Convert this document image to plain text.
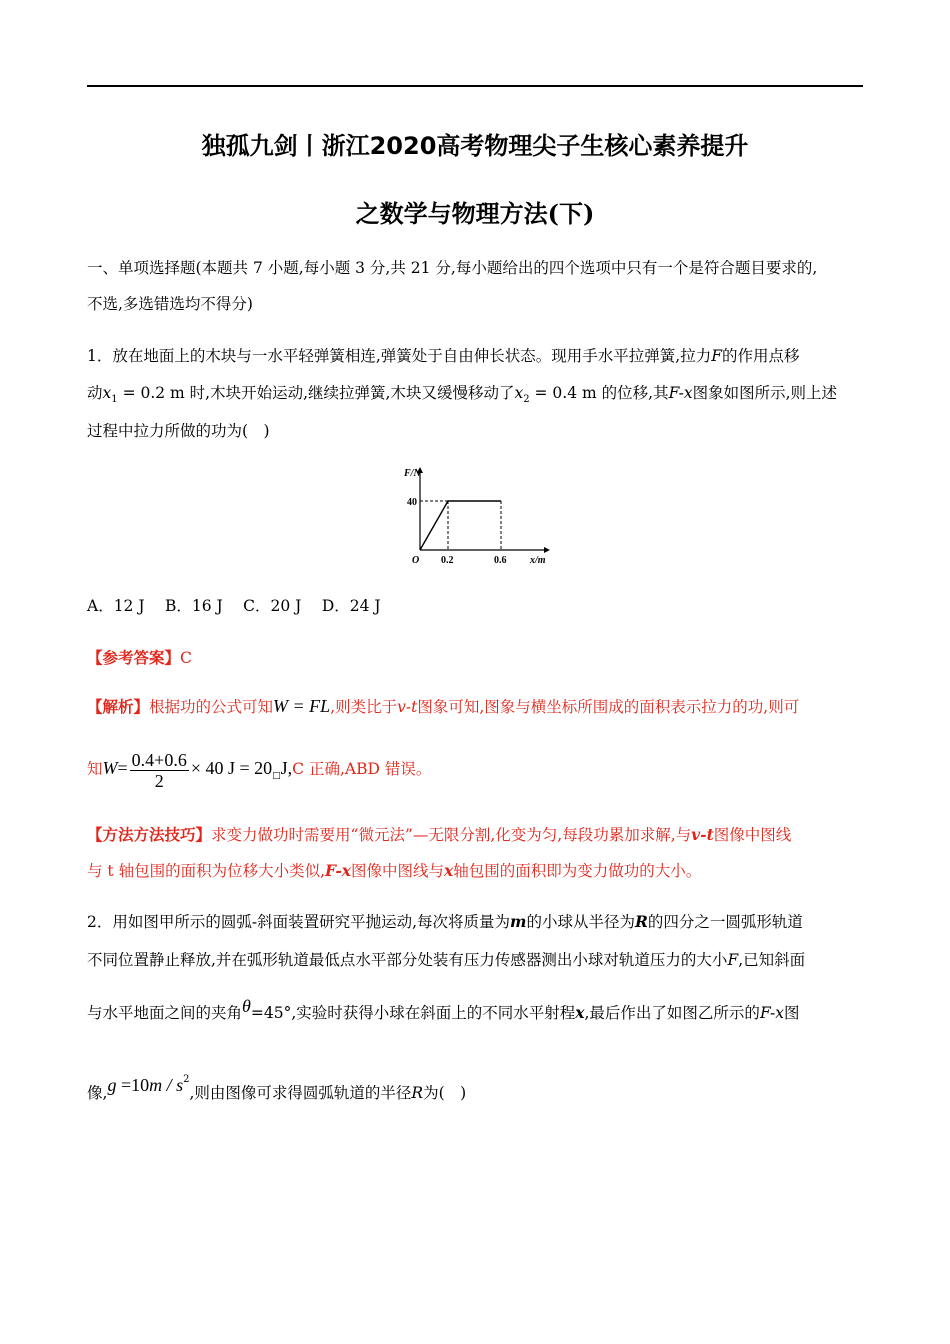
独孤九剑丨浙江2020高考物理尖子生核心素养提升
之数学与物理方法(下)
一、单项选择题(本题共 7 小题,每小题 3 分,共 21 分,每小题给出的四个选项中只有一个是符合题目要求的,
不选,多选错选均不得分)
1．放在地面上的木块与一水平轻弹簧相连,弹簧处于自由伸长状态。现用手水平拉弹簧,拉力F的作用点移
动$x_1 = 0.2$ m 时,木块开始运动,继续拉弹簧,木块又缓慢移动了$x_2 = 0.4$ m 的位移,其F-x图象如图所示,则上述
过程中拉力所做的功为(　)
F/N
x/m
O
40
0.2	0.6
A．12 J　 B．16 J　 C．20 J　 D．24 J
【参考答案】C
【解析】根据功的公式可知W = FL,则类比于v-t图象可知,图象与横坐标所围成的面积表示拉力的功,则可
知$W= \frac{0.4+0.6}{2} \times 40$ $J = 20_□J,C$ 正确,ABD 错误。
【方法方法技巧】求变力做功时需要用“微元法”—无限分割,化变为匀,每段功累加求解,与v-t图像中图线
与 t 轴包围的面积为位移大小类似,F-x图像中图线与x轴包围的面积即为变力做功的大小。
2．用如图甲所示的圆弧-斜面装置研究平抛运动,每次将质量为m的小球从半径为R的四分之一圆弧形轨道
不同位置静止释放,并在弧形轨道最低点水平部分处装有压力传感器测出小球对轨道压力的大小F,已知斜面
与水平地面之间的夹角θ=45°,实验时获得小球在斜面上的不同水平射程x,最后作出了如图乙所示的F-x图
像$,g =10m / s^2$,则由图像可求得圆弧轨道的半径R为(　)
